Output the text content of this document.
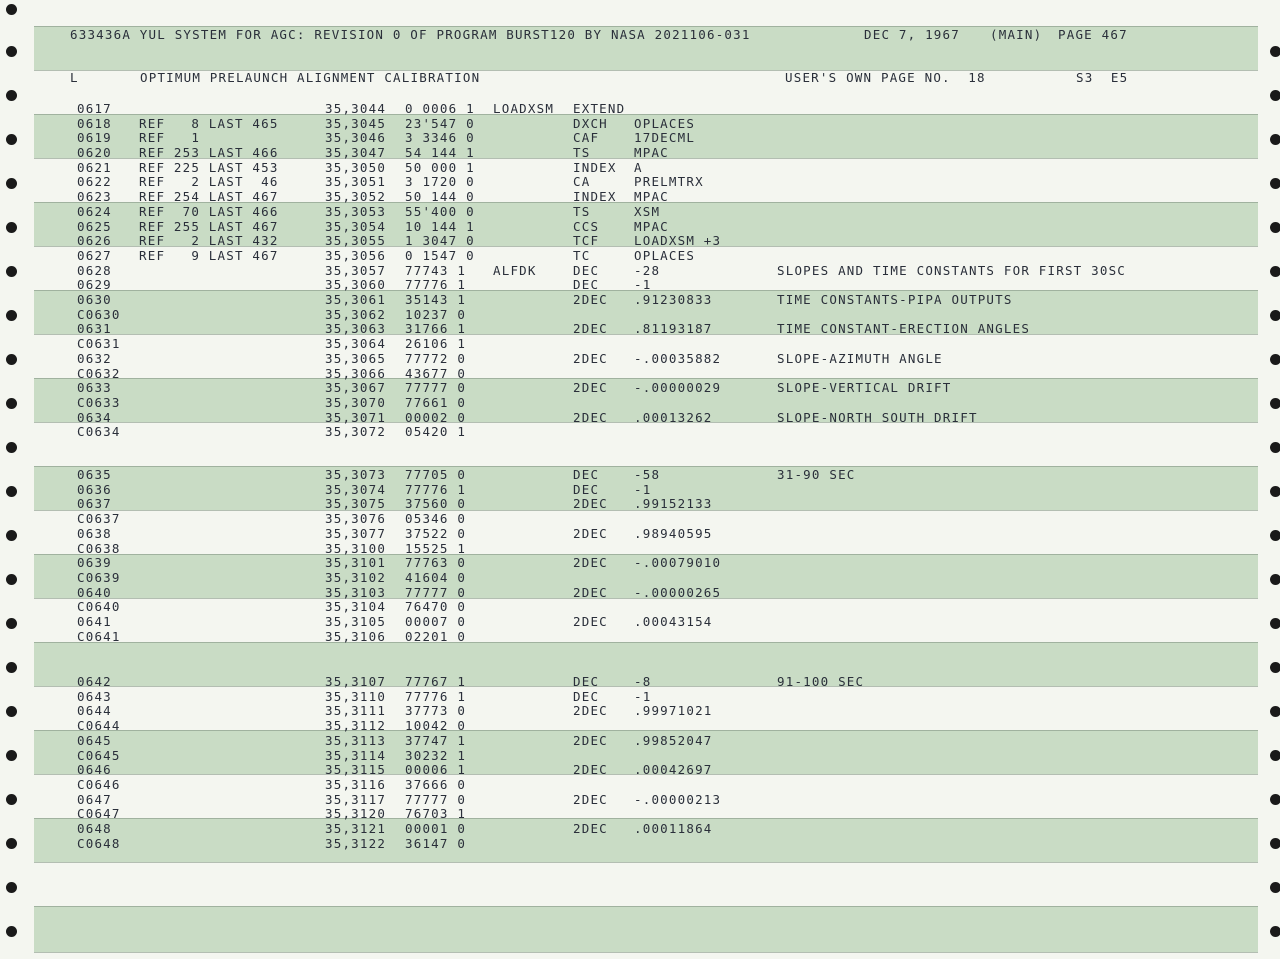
633436A YUL SYSTEM FOR AGC: REVISION 0 OF PROGRAM BURST120 BY NASA 2021106-031	DEC 7, 1967 (MAIN) PAGE 467
L	OPTIMUM PRELAUNCH ALIGNMENT CALIBRATION	USER'S OWN PAGE NO.  18	S3  E5
0617	35,3044 0 0006 1 LOADXSM EXTEND
0618 REF   8 LAST 465	35,3045 23'547 0	DXCH OPLACES
0619 REF   1	35,3046 3 3346 0	CAF	17DECML
0620 REF 253 LAST 466	35,3047 54 144 1	TS	MPAC
0621 REF 225 LAST 453	35,3050 50 000 1	INDEX A
0622 REF   2 LAST  46	35,3051 3 1720 0	CA	PRELMTRX
0623 REF 254 LAST 467	35,3052 50 144 0	INDEX MPAC
0624 REF  70 LAST 466	35,3053 55'400 0	TS	XSM
0625 REF 255 LAST 467	35,3054 10 144 1	CCS	MPAC
0626 REF   2 LAST 432	35,3055 1 3047 0	TCF	LOADXSM +3
0627 REF   9 LAST 467	35,3056 0 1547 0	TC	OPLACES
0628	35,3057 77743 1 ALFDK	DEC	-28	SLOPES AND TIME CONSTANTS FOR FIRST 30SC
0629	35,3060 77776 1	DEC	-1
0630	35,3061 35143 1	2DEC .91230833	TIME CONSTANTS-PIPA OUTPUTS
C0630	35,3062 10237 0
0631	35,3063 31766 1	2DEC .81193187	TIME CONSTANT-ERECTION ANGLES
C0631	35,3064 26106 1
0632	35,3065 77772 0	2DEC -.00035882	SLOPE-AZIMUTH ANGLE
C0632	35,3066 43677 0
0633	35,3067 77777 0	2DEC -.00000029	SLOPE-VERTICAL DRIFT
C0633	35,3070 77661 0
0634	35,3071 00002 0	2DEC .00013262	SLOPE-NORTH SOUTH DRIFT
C0634	35,3072 05420 1
0635	35,3073 77705 0	DEC	-58	31-90 SEC
0636	35,3074 77776 1	DEC	-1
0637	35,3075 37560 0	2DEC .99152133
C0637	35,3076 05346 0
0638	35,3077 37522 0	2DEC .98940595
C0638	35,3100 15525 1
0639	35,3101 77763 0	2DEC -.00079010
C0639	35,3102 41604 0
0640	35,3103 77777 0	2DEC -.00000265
C0640	35,3104 76470 0
0641	35,3105 00007 0	2DEC .00043154
C0641	35,3106 02201 0
0642	35,3107 77767 1	DEC	-8	91-100 SEC
0643	35,3110 77776 1	DEC	-1
0644	35,3111 37773 0	2DEC .99971021
C0644	35,3112 10042 0
0645	35,3113 37747 1	2DEC .99852047
C0645	35,3114 30232 1
0646	35,3115 00006 1	2DEC .00042697
C0646	35,3116 37666 0
0647	35,3117 77777 0	2DEC -.00000213
C0647	35,3120 76703 1
0648	35,3121 00001 0	2DEC .00011864
C0648	35,3122 36147 0
